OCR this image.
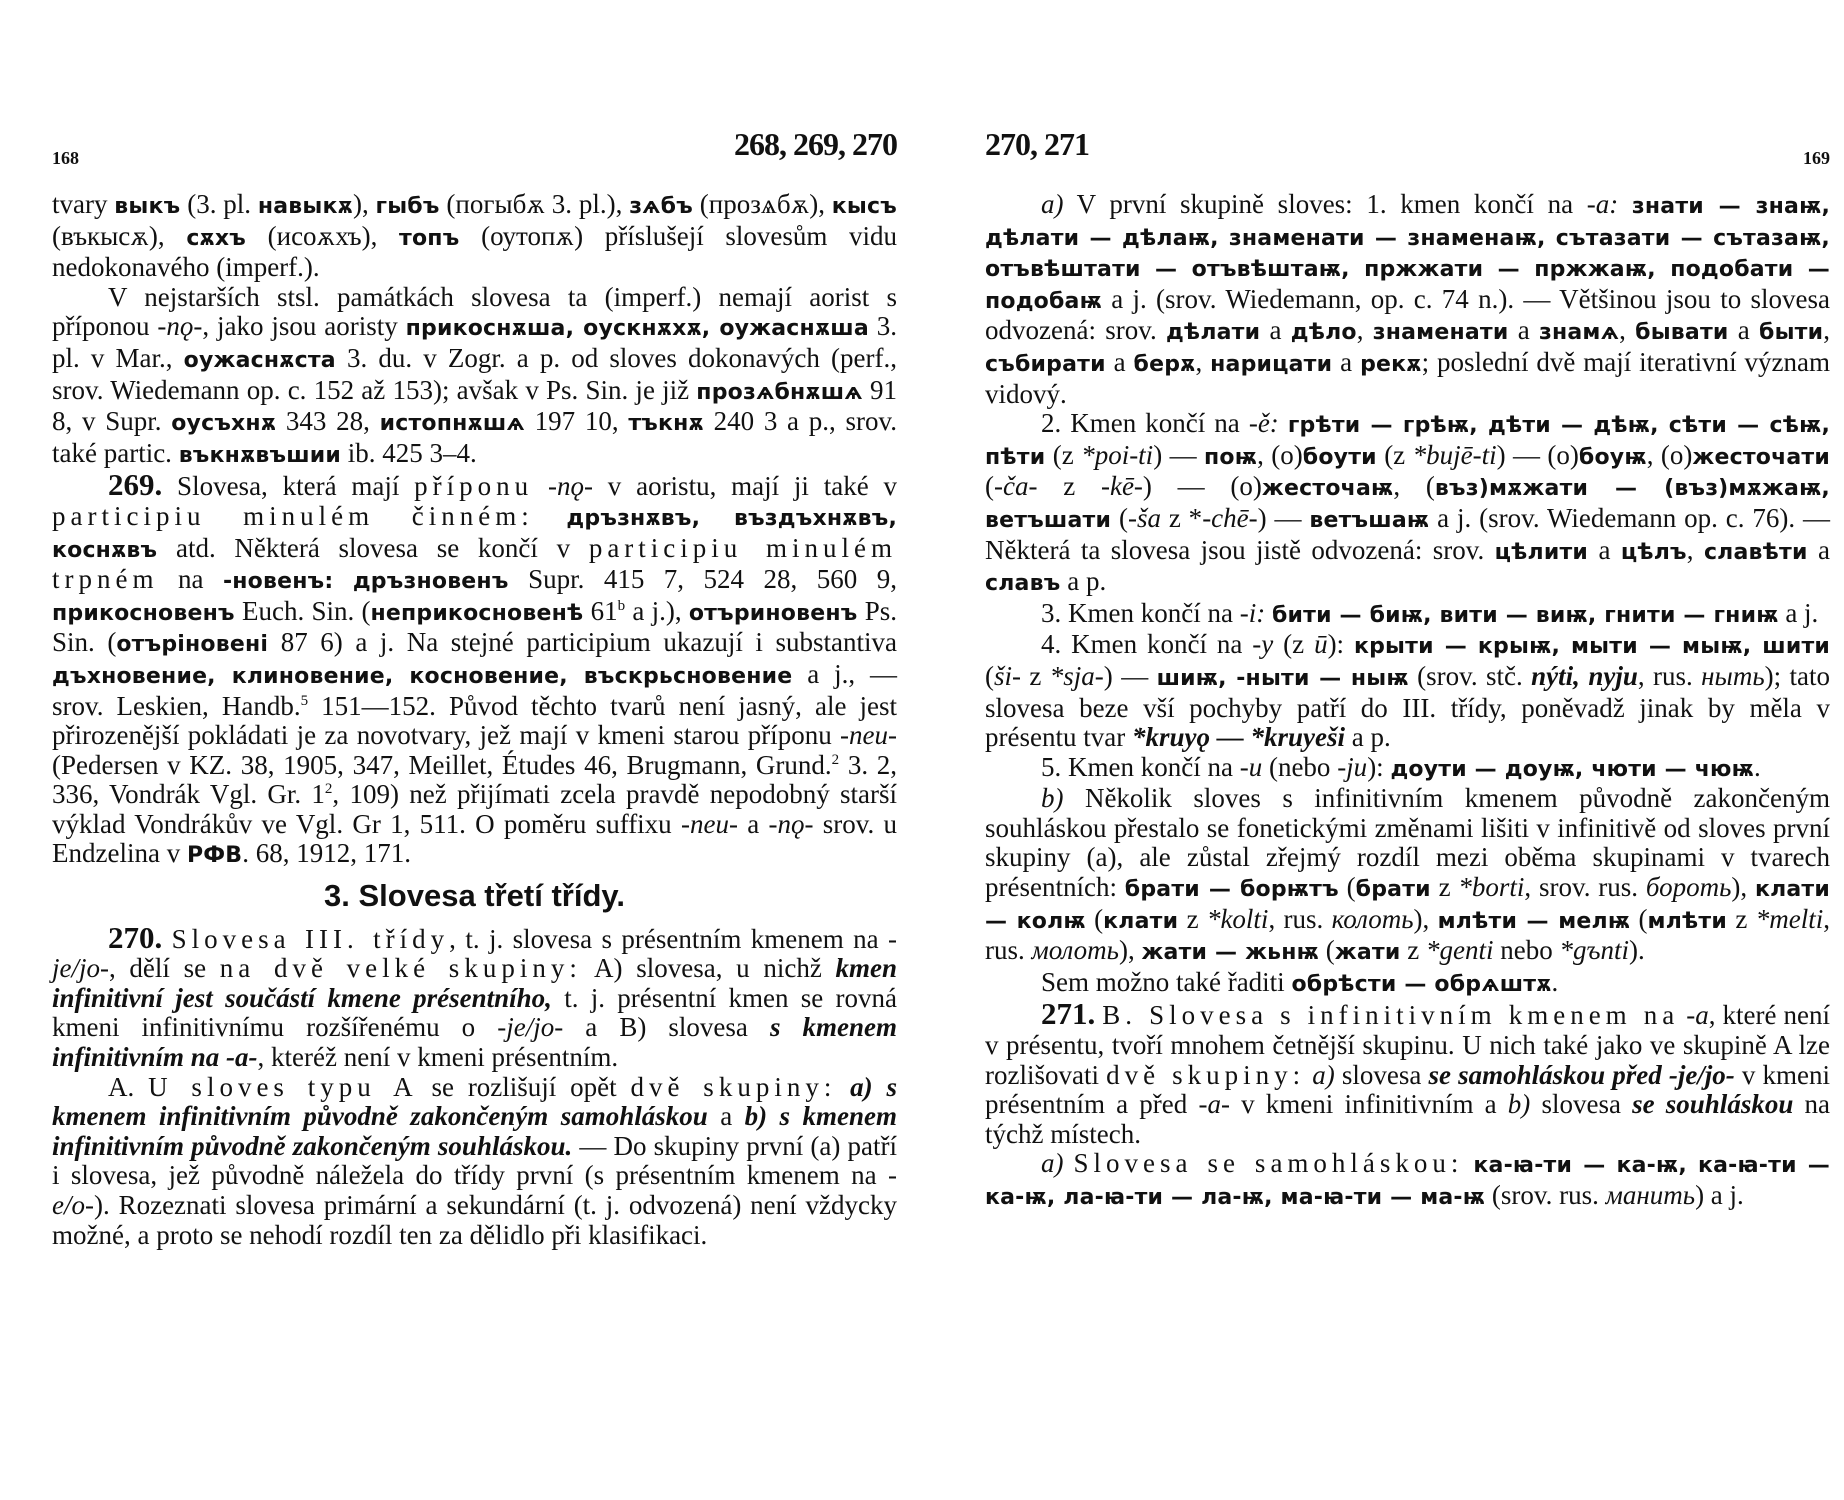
168	268, 269, 270

tvary выкъ (3. pl. навыкѫ), гыбъ (погыбѫ 3. pl.), зѧбъ (прозѧбѫ), кысъ (въкысѫ), сѫхъ (исоѫхъ), топъ (оутопѫ) příslušejí slovesům vidu nedokonavého (imperf.).

V nejstarších stsl. památkách slovesa ta (imperf.) nemají aorist s příponou -nǫ-, jako jsou aoristy прикоснѫша, оускнѫхѫ, оужаснѫша 3. pl. v Mar., оужаснѫста 3. du. v Zogr. a p. od sloves dokonavých (perf., srov. Wiedemann op. c. 152 až 153); avšak v Ps. Sin. je již прозѧбнѫшѧ 91 8, v Supr. оусъхнѫ 343 28, истопнѫшѧ 197 10, тъкнѫ 240 3 a p., srov. také partic. въкнѫвъшии ib. 425 3–4.

269. Slovesa, která mají příponu -nǫ- v aoristu, mají ji také v participiu minulém činném: дръзнѫвъ, въздъхнѫвъ, коснѫвъ atd. Některá slovesa se končí v participiu minulém trpném na -новенъ: дръзновенъ Supr. 415 7, 524 28, 560 9, прикосновенъ Euch. Sin. (неприкосновенѣ 61$^b$ a j.), отъриновенъ Ps. Sin. (отъріновені 87 6) a j. Na stejné participium ukazují i substantiva дъхновение, клиновение, косновение, въскрьсновение a j., — srov. Leskien, Handb.$^5$ 151—152. Původ těchto tvarů není jasný, ale jest přirozenější pokládati je za novotvary, jež mají v kmeni starou příponu -neu- (Pedersen v KZ. 38, 1905, 347, Meillet, Études 46, Brugmann, Grund.$^2$ 3. 2, 336, Vondrák Vgl. Gr. $1^2$, 109) než přijímati zcela pravdě nepodobný starší výklad Vondrákův ve Vgl. Gr 1, 511. O poměru suffixu -neu- a -nǫ- srov. u Endzelina v РФВ. 68, 1912, 171.

3. Slovesa třetí třídy.

270. Slovesa III. třídy, t. j. slovesa s présentním kmenem na -je/jo-, dělí se na dvě velké skupiny: A) slovesa, u nichž kmen infinitivní jest součástí kmene présentního, t. j. présentní kmen se rovná kmeni infinitivnímu rozšířenému o -je/jo- a B) slovesa s kmenem infinitivním na -a-, kteréž není v kmeni présentním.

A. U sloves typu A se rozlišují opět dvě skupiny: a) s kmenem infinitivním původně zakončeným samohláskou a b) s kmenem infinitivním původně zakončeným souhláskou. — Do skupiny první (a) patří i slovesa, jež původně náležela do třídy první (s présentním kmenem na -e/o-). Rozeznati slovesa primární a sekundární (t. j. odvozená) není vždycky možné, a proto se nehodí rozdíl ten za dělidlo při klasifikaci.

270, 271	169

a) V první skupině sloves: 1. kmen končí na -a: знати — знаѭ, дѣлати — дѣлаѭ, знаменати — знаменаѭ, сътазати — сътазаѭ, отъвѣштати — отъвѣштаѭ, пржжати — пржжаѭ, подобати — подобаѭ a j. (srov. Wiedemann, op. c. 74 n.). — Většinou jsou to slovesa odvozená: srov. дѣлати a дѣло, знаменати a знамѧ, бывати a быти, събирати a берѫ, нарицати a рекѫ; poslední dvě mají iterativní význam vidový.

2. Kmen končí na -ě: грѣти — грѣѭ, дѣти — дѣѭ, сѣти — сѣѭ, пѣти (z *poi-ti) — поѭ, (о)боути (z *bujē-ti) — (о)боуѭ, (о)жесточати (-ča- z -kē-) — (о)жесточаѭ, (въз)мѫжати — (въз)мѫжаѭ, ветъшати (-ša z *-chē-) — ветъшаѭ a j. (srov. Wiedemann op. c. 76). — Některá ta slovesa jsou jistě odvozená: srov. цѣлити a цѣлъ, славѣти a славъ a p.

3. Kmen končí na -i: бити — биѭ, вити — виѭ, гнити — гниѭ a j.

4. Kmen končí na -y (z ū): крыти — крыѭ, мыти — мыѭ, шити (ši- z *sja-) — шиѭ, -ныти — ныѭ (srov. stč. nýti, nyju, rus. ныть); tato slovesa beze vší pochyby patří do III. třídy, poněvadž jinak by měla v présentu tvar *kruyǫ — *kruyeši a p.

5. Kmen končí na -u (nebo -ju): доути — доуѭ, чюти — чюѭ.

b) Několik sloves s infinitivním kmenem původně zakončeným souhláskou přestalo se fonetickými změnami lišiti v infinitivě od sloves první skupiny (a), ale zůstal zřejmý rozdíl mezi oběma skupinami v tvarech présentních: брати — борѭтъ (брати z *borti, srov. rus. бороть), клати — колѭ (клати z *kolti, rus. колоть), млѣти — мелѭ (млѣти z *melti, rus. молоть), жати — жьнѭ (жати z *genti nebo *gъnti).

Sem možno také řaditi обрѣсти — обрѧштѫ.

271. B. Slovesa s infinitivním kmenem na -a, které není v présentu, tvoří mnohem četnější skupinu. U nich také jako ve skupině A lze rozlišovati dvě skupiny: a) slovesa se samohláskou před -je/jo- v kmeni présentním a před -a- v kmeni infinitivním a b) slovesa se souhláskou na týchž místech.

a) Slovesa se samohláskou: ка-ꙗ-ти — ка-ѭ, ка-ꙗ-ти — ка-ѭ, ла-ꙗ-ти — ла-ѭ, ма-ꙗ-ти — ма-ѭ (srov. rus. манить) a j.
